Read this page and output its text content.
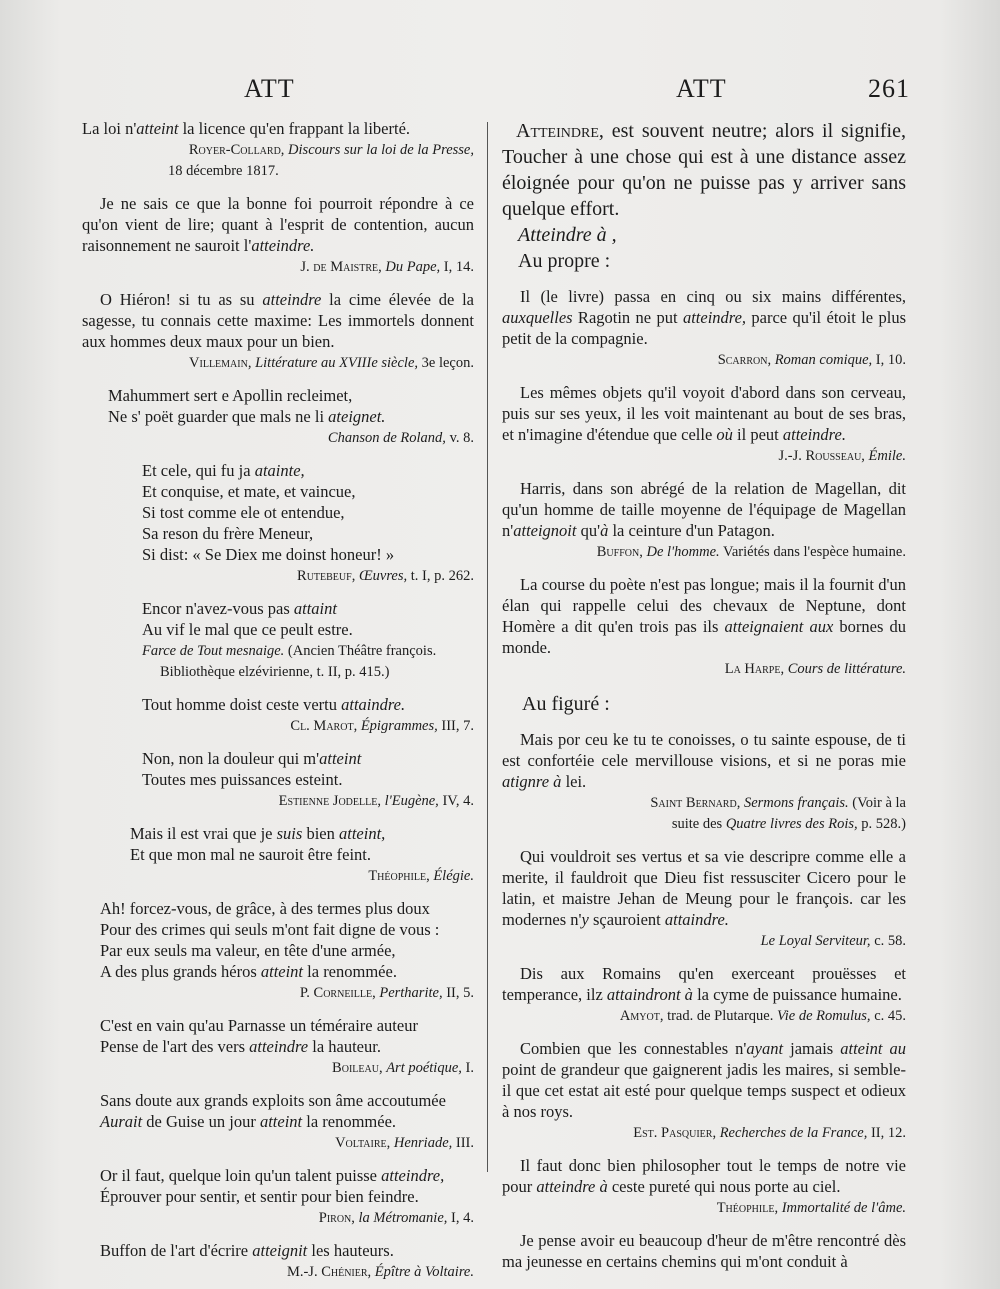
ATT	ATT	261
La loi n'atteint la licence qu'en frappant la liberté.
Royer-Collard, Discours sur la loi de la Presse,
18 décembre 1817.
Je ne sais ce que la bonne foi pourroit répondre à ce qu'on vient de lire; quant à l'esprit de contention, aucun raisonnement ne sauroit l'atteindre.
J. de Maistre, Du Pape, I, 14.
O Hiéron! si tu as su atteindre la cime élevée de la sagesse, tu connais cette maxime: Les immortels donnent aux hommes deux maux pour un bien.
Villemain, Littérature au XVIIIe siècle, 3e leçon.
Mahummert sert e Apollin recleimet,
Ne s' poët guarder que mals ne li ateignet.
Chanson de Roland, v. 8.
Et cele, qui fu ja atainte,
Et conquise, et mate, et vaincue,
Si tost comme ele ot entendue,
Sa reson du frère Meneur,
Si dist: « Se Diex me doinst honeur! »
Rutebeuf, Œuvres, t. I, p. 262.
Encor n'avez-vous pas attaint
Au vif le mal que ce peult estre.
Farce de Tout mesnaige. (Ancien Théâtre françois.
Bibliothèque elzévirienne, t. II, p. 415.)
Tout homme doist ceste vertu attaindre.
Cl. Marot, Épigrammes, III, 7.
Non, non la douleur qui m'atteint
Toutes mes puissances esteint.
Estienne Jodelle, l'Eugène, IV, 4.
Mais il est vrai que je suis bien atteint,
Et que mon mal ne sauroit être feint.
Théophile, Élégie.
Ah! forcez-vous, de grâce, à des termes plus doux
Pour des crimes qui seuls m'ont fait digne de vous :
Par eux seuls ma valeur, en tête d'une armée,
A des plus grands héros atteint la renommée.
P. Corneille, Pertharite, II, 5.
C'est en vain qu'au Parnasse un téméraire auteur
Pense de l'art des vers atteindre la hauteur.
Boileau, Art poétique, I.
Sans doute aux grands exploits son âme accoutumée
Aurait de Guise un jour atteint la renommée.
Voltaire, Henriade, III.
Or il faut, quelque loin qu'un talent puisse atteindre,
Éprouver pour sentir, et sentir pour bien feindre.
Piron, la Métromanie, I, 4.
Buffon de l'art d'écrire atteignit les hauteurs.
M.-J. Chénier, Épître à Voltaire.
Atteindre, est souvent neutre; alors il signifie, Toucher à une chose qui est à une distance assez éloignée pour qu'on ne puisse pas y arriver sans quelque effort.
Atteindre à ,
Au propre :
Il (le livre) passa en cinq ou six mains différentes, auxquelles Ragotin ne put atteindre, parce qu'il étoit le plus petit de la compagnie.
Scarron, Roman comique, I, 10.
Les mêmes objets qu'il voyoit d'abord dans son cerveau, puis sur ses yeux, il les voit maintenant au bout de ses bras, et n'imagine d'étendue que celle où il peut atteindre.
J.-J. Rousseau, Émile.
Harris, dans son abrégé de la relation de Magellan, dit qu'un homme de taille moyenne de l'équipage de Magellan n'atteignoit qu'à la ceinture d'un Patagon.
Buffon, De l'homme. Variétés dans l'espèce humaine.
La course du poète n'est pas longue; mais il la fournit d'un élan qui rappelle celui des chevaux de Neptune, dont Homère a dit qu'en trois pas ils atteignaient aux bornes du monde.
La Harpe, Cours de littérature.
Au figuré :
Mais por ceu ke tu te conoisses, o tu sainte espouse, de ti est confortéie cele mervillouse visions, et si ne poras mie atignre à lei.
Saint Bernard, Sermons français. (Voir à la
suite des Quatre livres des Rois, p. 528.)
Qui vouldroit ses vertus et sa vie descripre comme elle a merite, il fauldroit que Dieu fist ressusciter Cicero pour le latin, et maistre Jehan de Meung pour le françois. car les modernes n'y sçauroient attaindre.
Le Loyal Serviteur, c. 58.
Dis aux Romains qu'en exerceant prouësses et temperance, ilz attaindront à la cyme de puissance humaine.
Amyot, trad. de Plutarque. Vie de Romulus, c. 45.
Combien que les connestables n'ayant jamais atteint au point de grandeur que gaignerent jadis les maires, si semble-il que cet estat ait esté pour quelque temps suspect et odieux à nos roys.
Est. Pasquier, Recherches de la France, II, 12.
Il faut donc bien philosopher tout le temps de notre vie pour atteindre à ceste pureté qui nous porte au ciel.
Théophile, Immortalité de l'âme.
Je pense avoir eu beaucoup d'heur de m'être rencontré dès ma jeunesse en certains chemins qui m'ont conduit à
